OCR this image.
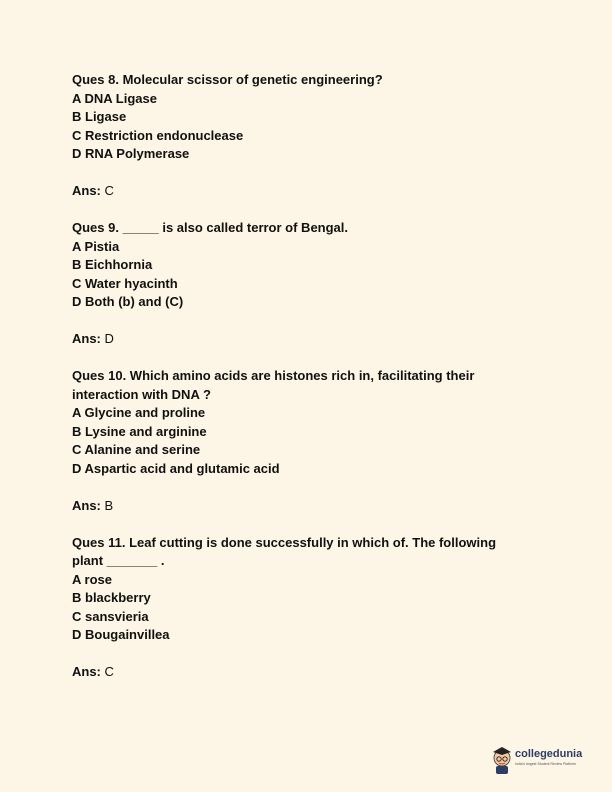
Ques 8. Molecular scissor of genetic engineering?
A DNA Ligase
B Ligase
C Restriction endonuclease
D RNA Polymerase
Ans: C
Ques 9. _____ is also called terror of Bengal.
A Pistia
B Eichhornia
C Water hyacinth
D Both (b) and (C)
Ans: D
Ques 10. Which amino acids are histones rich in, facilitating their
interaction with DNA ?
A Glycine and proline
B Lysine and arginine
C Alanine and serine
D Aspartic acid and glutamic acid
Ans: B
Ques 11. Leaf cutting is done successfully in which of. The following
plant _______ .
A rose
B blackberry
C sansvieria
D Bougainvillea
Ans: C
collegedunia
India's largest Student Review Platform
